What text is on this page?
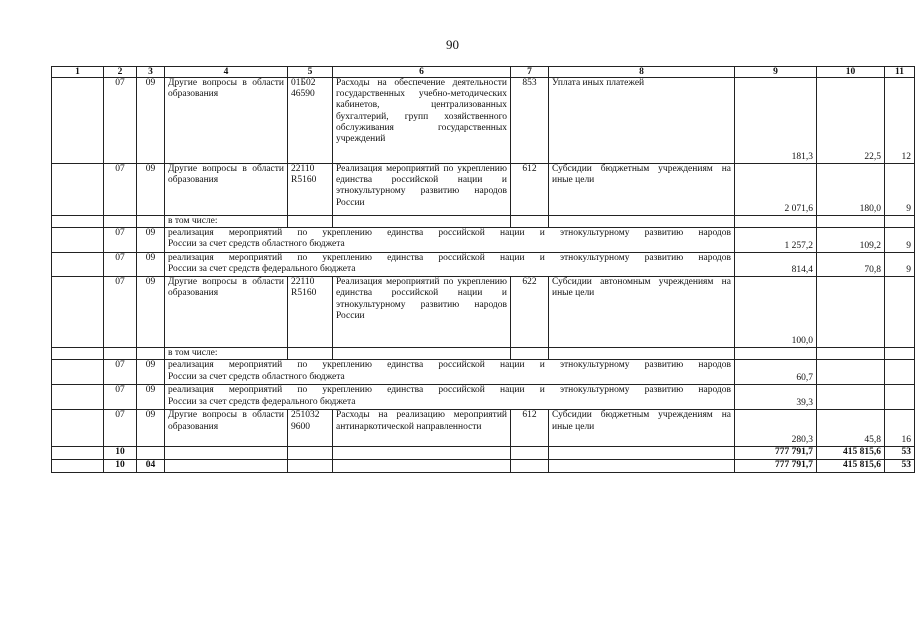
90
1	2	3	4	5	6	7	8	9	10	11
	07	09	Другие вопросы в области образования	01Б02 46590	Расходы на обеспечение деятельности государственных учебно-методических кабинетов, централизованных бухгалтерий, групп хозяйственного обслуживания государственных учреждений	853	Уплата иных платежей	181,3	22,5	12
	07	09	Другие вопросы в области образования	22110 R5160	Реализация мероприятий по укреплению единства российской нации и этнокультурному развитию народов России	612	Субсидии бюджетным учреждениям на иные цели	2 071,6	180,0	9
			в том числе:							
	07	09	реализация мероприятий по укреплению единства российской нации и этнокультурному развитию народов
России за счет средств областного бюджета					1 257,2	109,2	9
	07	09	реализация мероприятий по укреплению единства российской нации и этнокультурному развитию народов
России за счет средств федерального бюджета					814,4	70,8	9
	07	09	Другие вопросы в области образования	22110 R5160	Реализация мероприятий по укреплению единства российской нации и этнокультурному развитию народов России	622	Субсидии автономным учреждениям на иные цели	100,0		
			в том числе:							
	07	09	реализация мероприятий по укреплению единства российской нации и этнокультурному развитию народов
России за счет средств областного бюджета					60,7		
	07	09	реализация мероприятий по укреплению единства российской нации и этнокультурному развитию народов
России за счет средств федерального бюджета					39,3		
	07	09	Другие вопросы в области образования	251032 9600	Расходы на реализацию мероприятий антинаркотической направленности	612	Субсидии бюджетным учреждениям на иные цели	280,3	45,8	16
	10							777 791,7	415 815,6	53
	10	04						777 791,7	415 815,6	53
